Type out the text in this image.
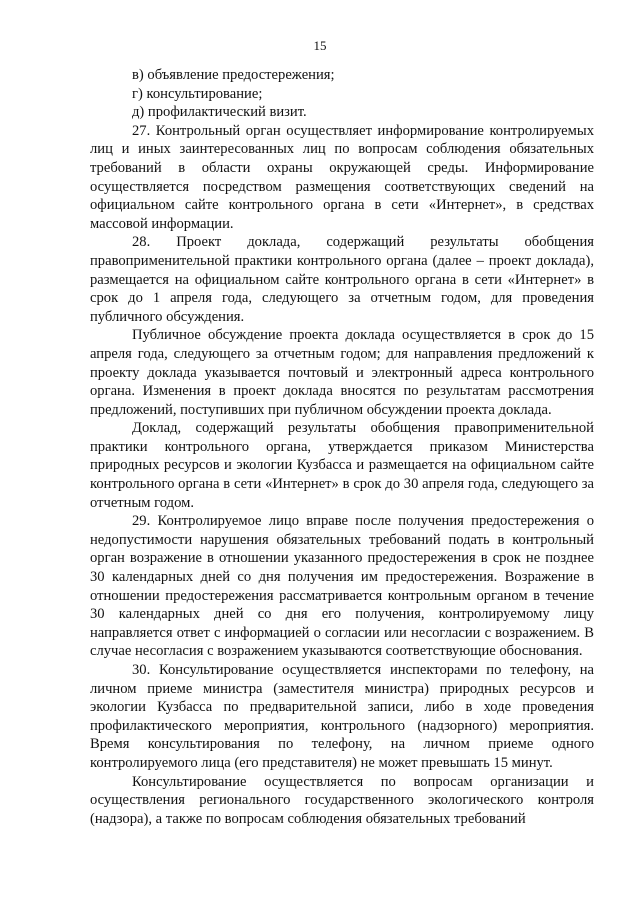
15
в) объявление предостережения;
г) консультирование;
д) профилактический визит.

27. Контрольный орган осуществляет информирование контролируемых лиц и иных заинтересованных лиц по вопросам соблюдения обязательных требований в области охраны окружающей среды. Информирование осуществляется посредством размещения соответствующих сведений на официальном сайте контрольного органа в сети «Интернет», в средствах массовой информации.

28. Проект доклада, содержащий результаты обобщения правоприменительной практики контрольного органа (далее – проект доклада), размещается на официальном сайте контрольного органа в сети «Интернет» в срок до 1 апреля года, следующего за отчетным годом, для проведения публичного обсуждения.

Публичное обсуждение проекта доклада осуществляется в срок до 15 апреля года, следующего за отчетным годом; для направления предложений к проекту доклада указывается почтовый и электронный адреса контрольного органа. Изменения в проект доклада вносятся по результатам рассмотрения предложений, поступивших при публичном обсуждении проекта доклада.

Доклад, содержащий результаты обобщения правоприменительной практики контрольного органа, утверждается приказом Министерства природных ресурсов и экологии Кузбасса и размещается на официальном сайте контрольного органа в сети «Интернет» в срок до 30 апреля года, следующего за отчетным годом.

29. Контролируемое лицо вправе после получения предостережения о недопустимости нарушения обязательных требований подать в контрольный орган возражение в отношении указанного предостережения в срок не позднее 30 календарных дней со дня получения им предостережения. Возражение в отношении предостережения рассматривается контрольным органом в течение 30 календарных дней со дня его получения, контролируемому лицу направляется ответ с информацией о согласии или несогласии с возражением. В случае несогласия с возражением указываются соответствующие обоснования.

30. Консультирование осуществляется инспекторами по телефону, на личном приеме министра (заместителя министра) природных ресурсов и экологии Кузбасса по предварительной записи, либо в ходе проведения профилактического мероприятия, контрольного (надзорного) мероприятия. Время консультирования по телефону, на личном приеме одного контролируемого лица (его представителя) не может превышать 15 минут.

Консультирование осуществляется по вопросам организации и осуществления регионального государственного экологического контроля (надзора), а также по вопросам соблюдения обязательных требований
